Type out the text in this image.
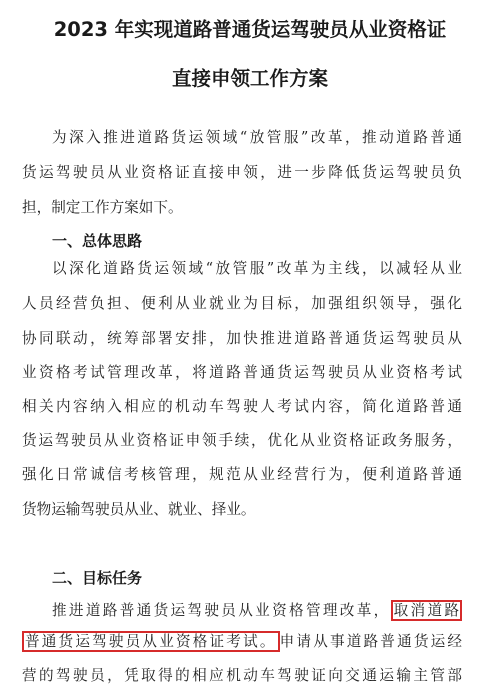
2023 年实现道路普通货运驾驶员从业资格证
直接申领工作方案
为深入推进道路货运领域“放管服”改革，推动道路普通
货运驾驶员从业资格证直接申领，进一步降低货运驾驶员负
担，制定工作方案如下。
一、总体思路
以深化道路货运领域“放管服”改革为主线，以减轻从业
人员经营负担、便利从业就业为目标，加强组织领导，强化
协同联动，统筹部署安排，加快推进道路普通货运驾驶员从
业资格考试管理改革，将道路普通货运驾驶员从业资格考试
相关内容纳入相应的机动车驾驶人考试内容，简化道路普通
货运驾驶员从业资格证申领手续，优化从业资格证政务服务，
强化日常诚信考核管理，规范从业经营行为，便利道路普通
货物运输驾驶员从业、就业、择业。
二、目标任务
推进道路普通货运驾驶员从业资格管理改革， 取消道路
普通货运驾驶员从业资格证考试。 申请从事道路普通货运经
营的驾驶员，凭取得的相应机动车驾驶证向交通运输主管部
